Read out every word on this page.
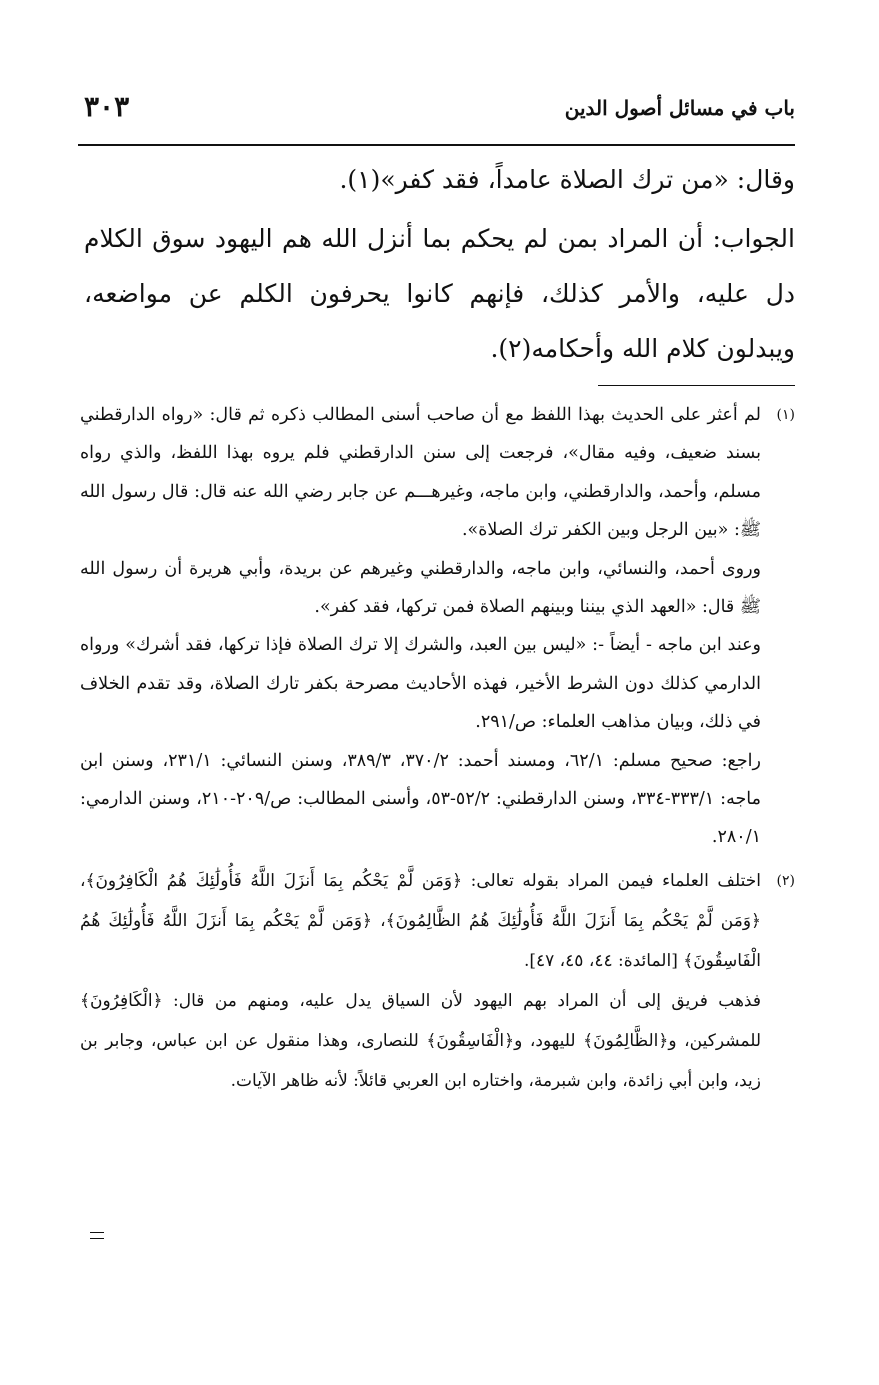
باب في مسائل أصول الدين
٣٠٣

وقال: «من ترك الصلاة عامداً، فقد كفر»(١).

الجواب: أن المراد بمن لم يحكم بما أنزل الله هم اليهود سوق الكلام دل عليه، والأمر كذلك، فإنهم كانوا يحرفون الكلم عن مواضعه، ويبدلون كلام الله وأحكامه(٢).

(١)

لم أعثر على الحديث بهذا اللفظ مع أن صاحب أسنى المطالب ذكره ثم قال: «رواه الدارقطني بسند ضعيف، وفيه مقال»، فرجعت إلى سنن الدارقطني فلم يروه بهذا اللفظ، والذي رواه مسلم، وأحمد، والدارقطني، وابن ماجه، وغيرهـــم عن جابر رضي الله عنه قال: قال رسول الله ﷺ: «بين الرجل وبين الكفر ترك الصلاة».

وروى أحمد، والنسائي، وابن ماجه، والدارقطني وغيرهم عن بريدة، وأبي هريرة أن رسول الله ﷺ قال: «العهد الذي بيننا وبينهم الصلاة فمن تركها، فقد كفر».

وعند ابن ماجه - أيضاً -: «ليس بين العبد، والشرك إلا ترك الصلاة فإذا تركها، فقد أشرك» ورواه الدارمي كذلك دون الشرط الأخير، فهذه الأحاديث مصرحة بكفر تارك الصلاة، وقد تقدم الخلاف في ذلك، وبيان مذاهب العلماء: ص/٢٩١.

راجع: صحيح مسلم: ٦٢/١، ومسند أحمد: ٣٧٠/٢، ٣٨٩/٣، وسنن النسائي: ٢٣١/١، وسنن ابن ماجه: ٣٣٣/١-٣٣٤، وسنن الدارقطني: ٥٢/٢-٥٣، وأسنى المطالب: ص/٢٠٩-٢١٠، وسنن الدارمي: ٢٨٠/١.

(٢)

اختلف العلماء فيمن المراد بقوله تعالى: ﴿وَمَن لَّمْ يَحْكُم بِمَا أَنزَلَ اللَّهُ فَأُولَٰئِكَ هُمُ الْكَافِرُونَ﴾، ﴿وَمَن لَّمْ يَحْكُم بِمَا أَنزَلَ اللَّهُ فَأُولَٰئِكَ هُمُ الظَّالِمُونَ﴾، ﴿وَمَن لَّمْ يَحْكُم بِمَا أَنزَلَ اللَّهُ فَأُولَٰئِكَ هُمُ الْفَاسِقُونَ﴾ [المائدة: ٤٤، ٤٥، ٤٧].

فذهب فريق إلى أن المراد بهم اليهود لأن السياق يدل عليه، ومنهم من قال: ﴿الْكَافِرُونَ﴾ للمشركين، و﴿الظَّالِمُونَ﴾ لليهود، و﴿الْفَاسِقُونَ﴾ للنصارى، وهذا منقول عن ابن عباس، وجابر بن زيد، وابن أبي زائدة، وابن شبرمة، واختاره ابن العربي قائلاً: لأنه ظاهر الآيات.
